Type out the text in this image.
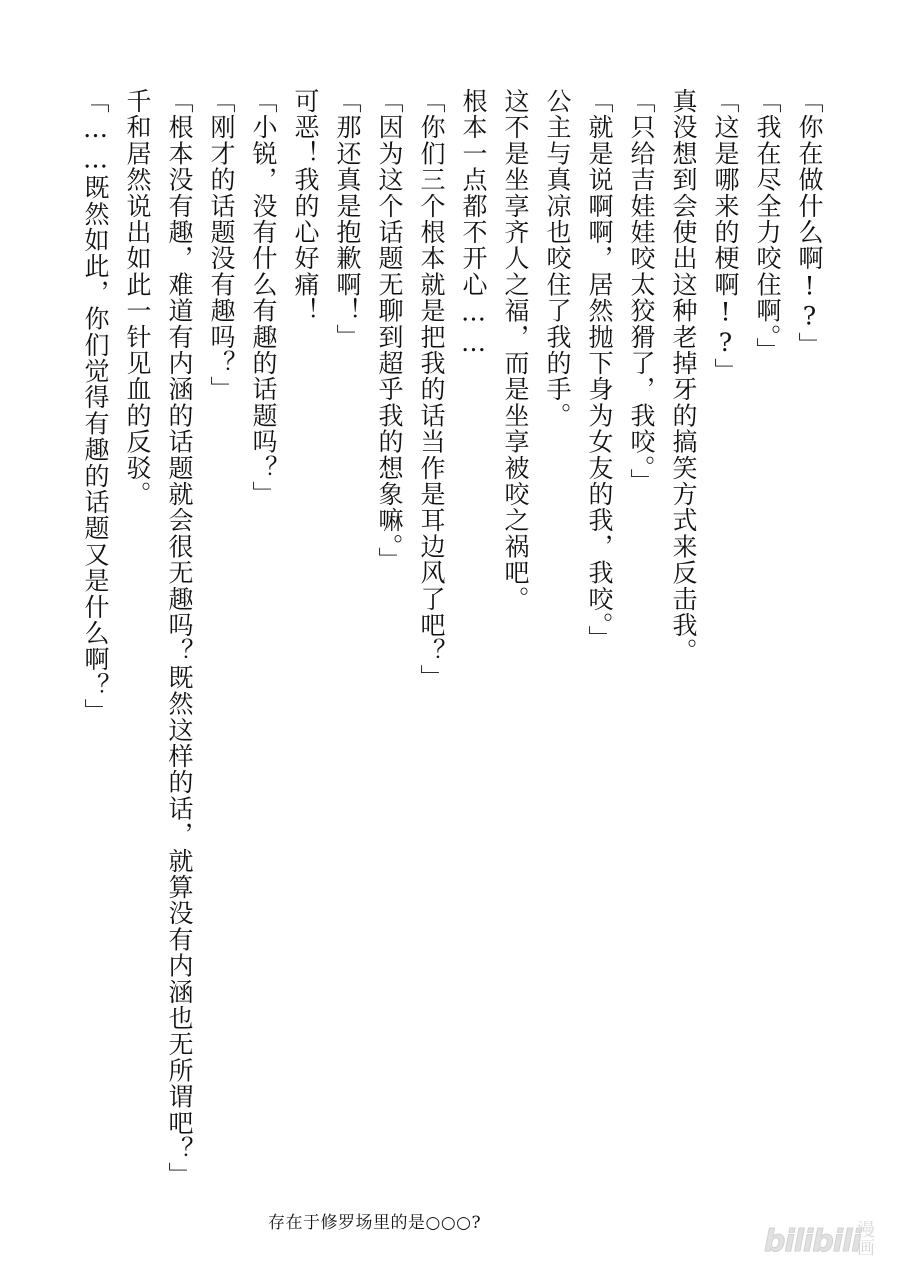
「你在做什么啊!?」
「我在尽全力咬住啊。」
「这是哪来的梗啊!?」
真没想到会使出这种老掉牙的搞笑方式来反击我。
「只给吉娃娃咬太狡猾了，我咬。」
「就是说啊啊，居然抛下身为女友的我，我咬。」
公主与真凉也咬住了我的手。
这不是坐享齐人之福，而是坐享被咬之祸吧。
根本一点都不开心……
「你们三个根本就是把我的话当作是耳边风了吧？」
「因为这个话题无聊到超乎我的想象嘛。」
「那还真是抱歉啊！」
可恶！我的心好痛！
「小锐，没有什么有趣的话题吗？」
「刚才的话题没有趣吗？」
「根本没有趣，难道有内涵的话题就会很无趣吗？既然这样的话，就算没有内涵也无所谓吧？」
千和居然说出如此一针见血的反驳。
「……既然如此，你们觉得有趣的话题又是什么啊？」
存在于修罗场里的是○○○?
bilibili
漫画
